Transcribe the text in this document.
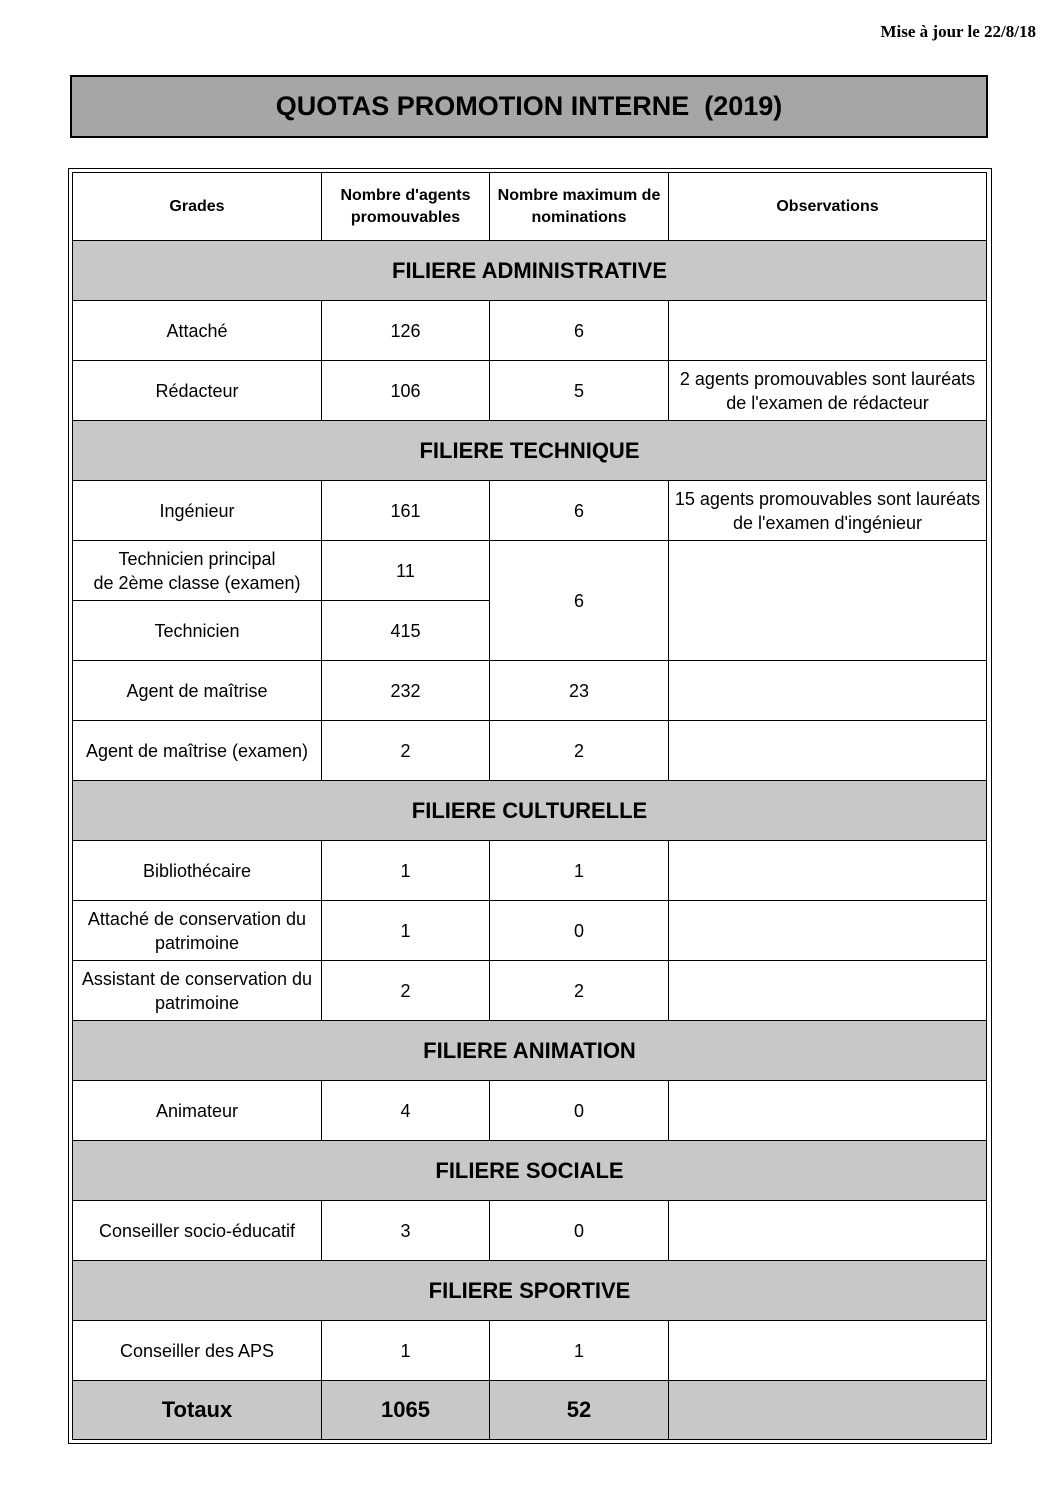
Mise à jour le 22/8/18
QUOTAS PROMOTION INTERNE  (2019)
Grades	Nombre d'agents promouvables	Nombre maximum de nominations	Observations
FILIERE ADMINISTRATIVE			
Attaché	126	6	
Rédacteur	106	5	2 agents promouvables sont lauréats de l'examen de rédacteur
FILIERE TECHNIQUE			
Ingénieur	161	6	15 agents promouvables sont lauréats de l'examen d'ingénieur
Technicien principal
de 2ème classe (examen)	11	6	
Technicien	415		
Agent de maîtrise	232	23	
Agent de maîtrise (examen)	2	2	
FILIERE CULTURELLE			
Bibliothécaire	1	1	
Attaché de conservation du patrimoine	1	0	
Assistant de conservation du patrimoine	2	2	
FILIERE ANIMATION			
Animateur	4	0	
FILIERE SOCIALE			
Conseiller socio-éducatif	3	0	
FILIERE SPORTIVE			
Conseiller des APS	1	1	
Totaux	1065	52	
